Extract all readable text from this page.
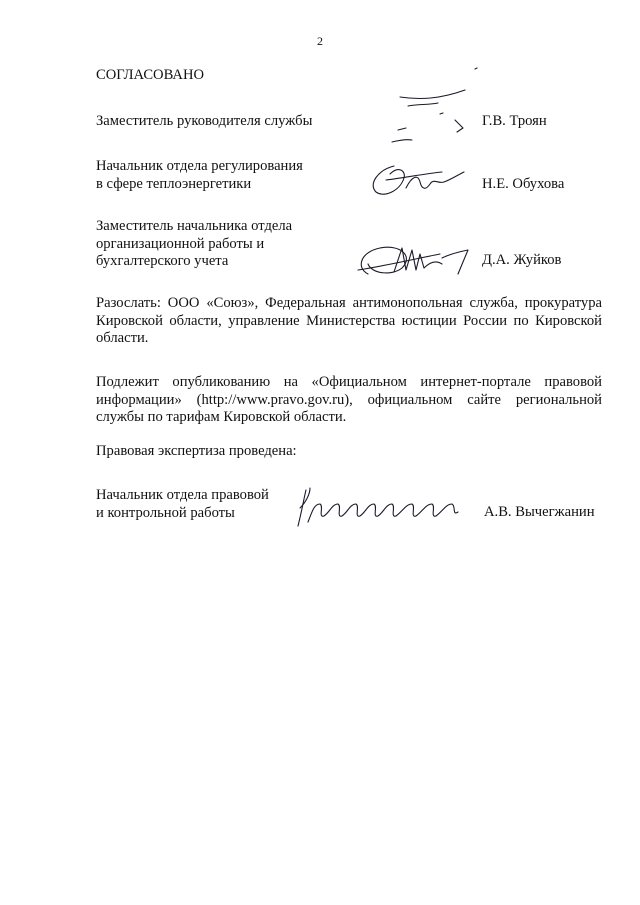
2
СОГЛАСОВАНО
Заместитель руководителя службы	Г.В. Троян
Начальник отдела регулирования
в сфере теплоэнергетики	Н.Е. Обухова
Заместитель начальника отдела
организационной работы и
бухгалтерского учета	Д.А. Жуйков
Разослать: ООО «Союз», Федеральная антимонопольная служба, прокуратура Кировской области, управление Министерства юстиции России по Кировской области.
Подлежит опубликованию на «Официальном интернет-портале правовой информации» (http://www.pravo.gov.ru), официальном сайте региональной службы по тарифам Кировской области.
Правовая экспертиза проведена:
Начальник отдела правовой
и контрольной работы	А.В. Вычегжанин
